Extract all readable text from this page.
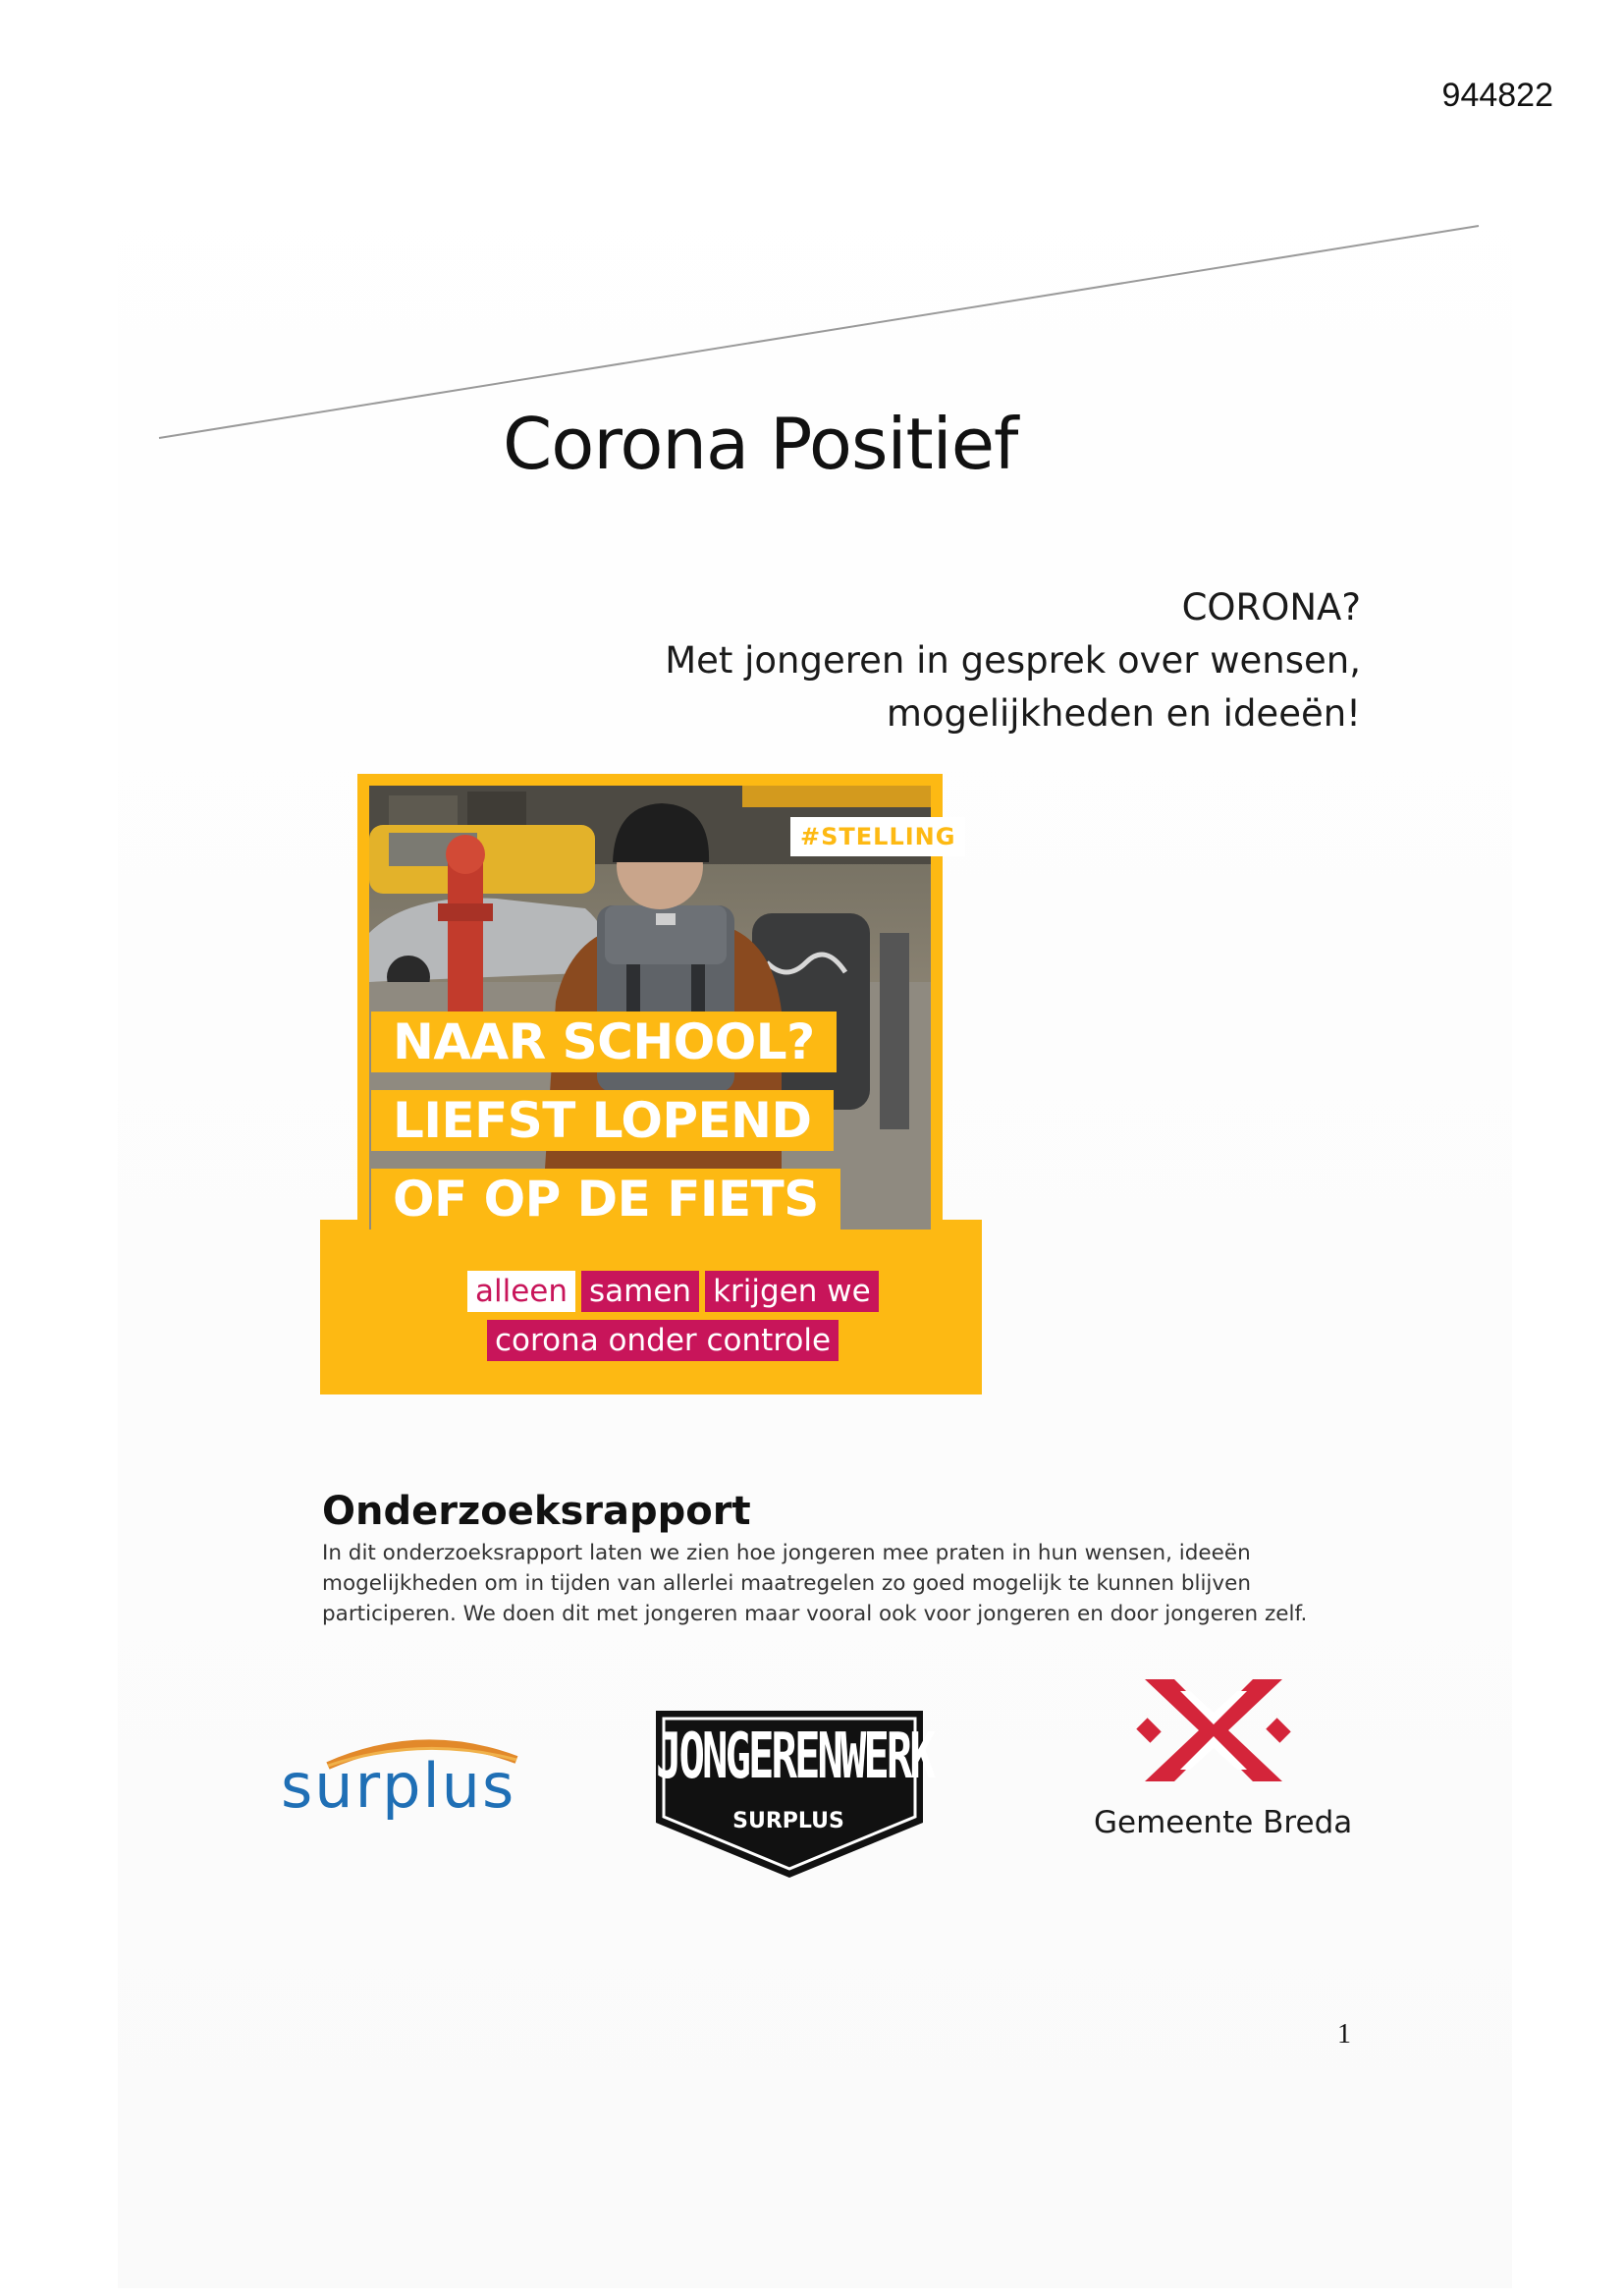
944822
Corona Positief
CORONA?
Met jongeren in gesprek over wensen,
mogelijkheden en ideeën!
#STELLING
NAAR SCHOOL?
LIEFST LOPEND
OF OP DE FIETS
alleen samen krijgen we
corona onder controle
Onderzoeksrapport
In dit onderzoeksrapport laten we zien hoe jongeren mee praten in hun wensen, ideeën
mogelijkheden om in tijden van allerlei maatregelen zo goed mogelijk te kunnen blijven
participeren. We doen dit met jongeren maar vooral ook voor jongeren en door jongeren zelf.
surplus	JONGERENWERK
SURPLUS	Gemeente Breda
1
